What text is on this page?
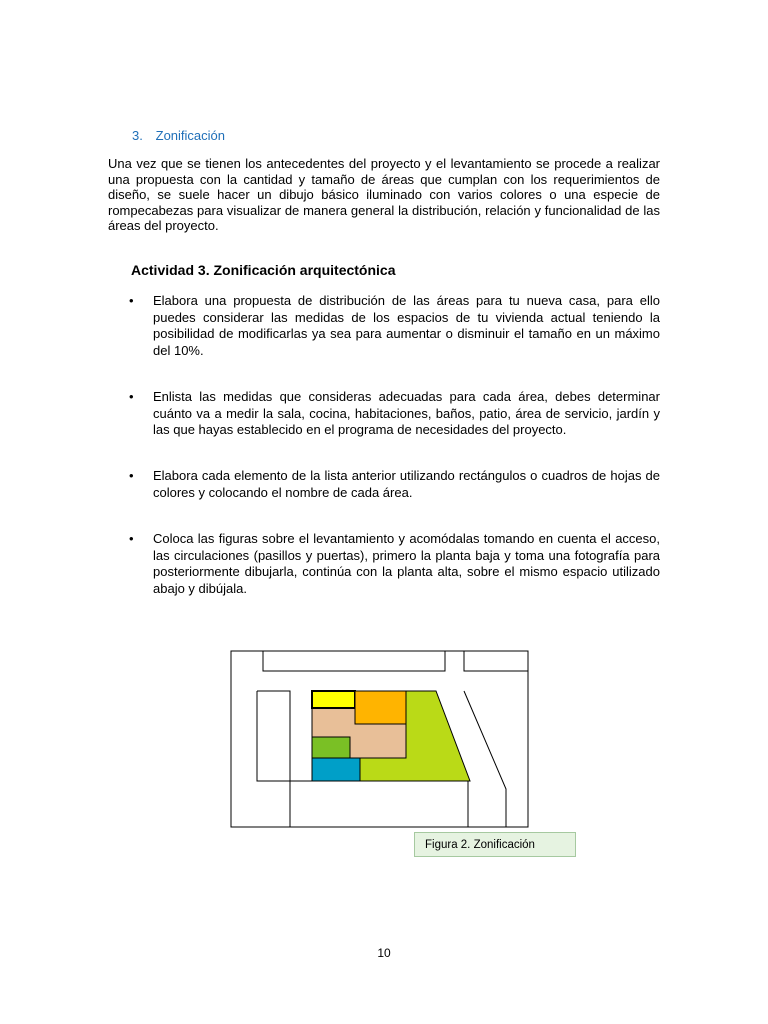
3. Zonificación

Una vez que se tienen los antecedentes del proyecto y el levantamiento se procede a realizar una propuesta con la cantidad y tamaño de áreas que cumplan con los requerimientos de diseño, se suele hacer un dibujo básico iluminado con varios colores o una especie de rompecabezas para visualizar de manera general la distribución, relación y funcionalidad de las áreas del proyecto.

Actividad 3. Zonificación arquitectónica

• Elabora una propuesta de distribución de las áreas para tu nueva casa, para ello puedes considerar las medidas de los espacios de tu vivienda actual teniendo la posibilidad de modificarlas ya sea para aumentar o disminuir el tamaño en un máximo del 10%.

• Enlista las medidas que consideras adecuadas para cada área, debes determinar cuánto va a medir la sala, cocina, habitaciones, baños, patio, área de servicio, jardín y las que hayas establecido en el programa de necesidades del proyecto.

• Elabora cada elemento de la lista anterior utilizando rectángulos o cuadros de hojas de colores y colocando el nombre de cada área.

• Coloca las figuras sobre el levantamiento y acomódalas tomando en cuenta el acceso, las circulaciones (pasillos y puertas), primero la planta baja y toma una fotografía para posteriormente dibujarla, continúa con la planta alta, sobre el mismo espacio utilizado abajo y dibújala.

Figura 2. Zonificación
10
